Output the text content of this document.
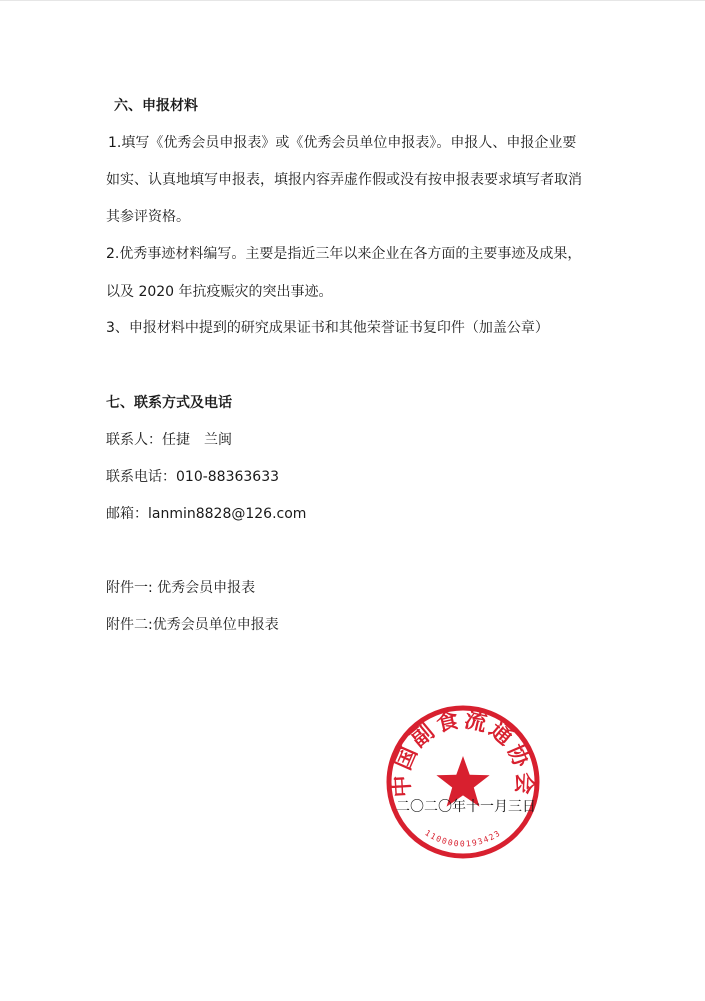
六、申报材料
1.填写《优秀会员申报表》或《优秀会员单位申报表》。申报人、申报企业要
如实、认真地填写申报表，填报内容弄虚作假或没有按申报表要求填写者取消
其参评资格。
2.优秀事迹材料编写。主要是指近三年以来企业在各方面的主要事迹及成果，
以及 2020 年抗疫赈灾的突出事迹。
3、申报材料中提到的研究成果证书和其他荣誉证书复印件（加盖公章）
七、联系方式及电话
联系人：任捷　兰闽
联系电话：010-88363633
邮箱：lanmin8828@126.com
附件一: 优秀会员申报表
附件二:优秀会员单位申报表
中国副食流通协会
1100000193423
二〇二〇年十一月三日
